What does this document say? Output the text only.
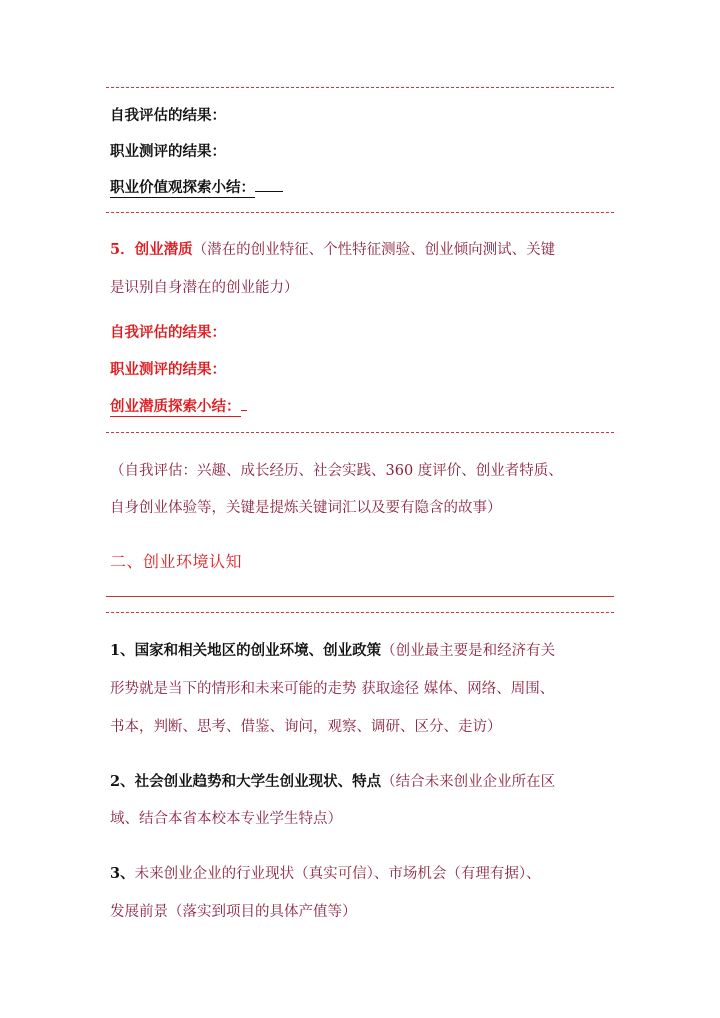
自我评估的结果：
职业测评的结果：
职业价值观探索小结：
5．创业潜质（潜在的创业特征、个性特征测验、创业倾向测试、关键
是识别自身潜在的创业能力）
自我评估的结果：
职业测评的结果：
创业潜质探索小结：
（自我评估：兴趣、成长经历、社会实践、360 度评价、创业者特质、
自身创业体验等，关键是提炼关键词汇以及要有隐含的故事）
二、创业环境认知
1、国家和相关地区的创业环境、创业政策（创业最主要是和经济有关
形势就是当下的情形和未来可能的走势 获取途径 媒体、网络、周围、
书本，判断、思考、借鉴、询问，观察、调研、区分、走访）
2、社会创业趋势和大学生创业现状、特点（结合未来创业企业所在区
域、结合本省本校本专业学生特点）
3、未来创业企业的行业现状（真实可信）、市场机会（有理有据）、
发展前景（落实到项目的具体产值等）
